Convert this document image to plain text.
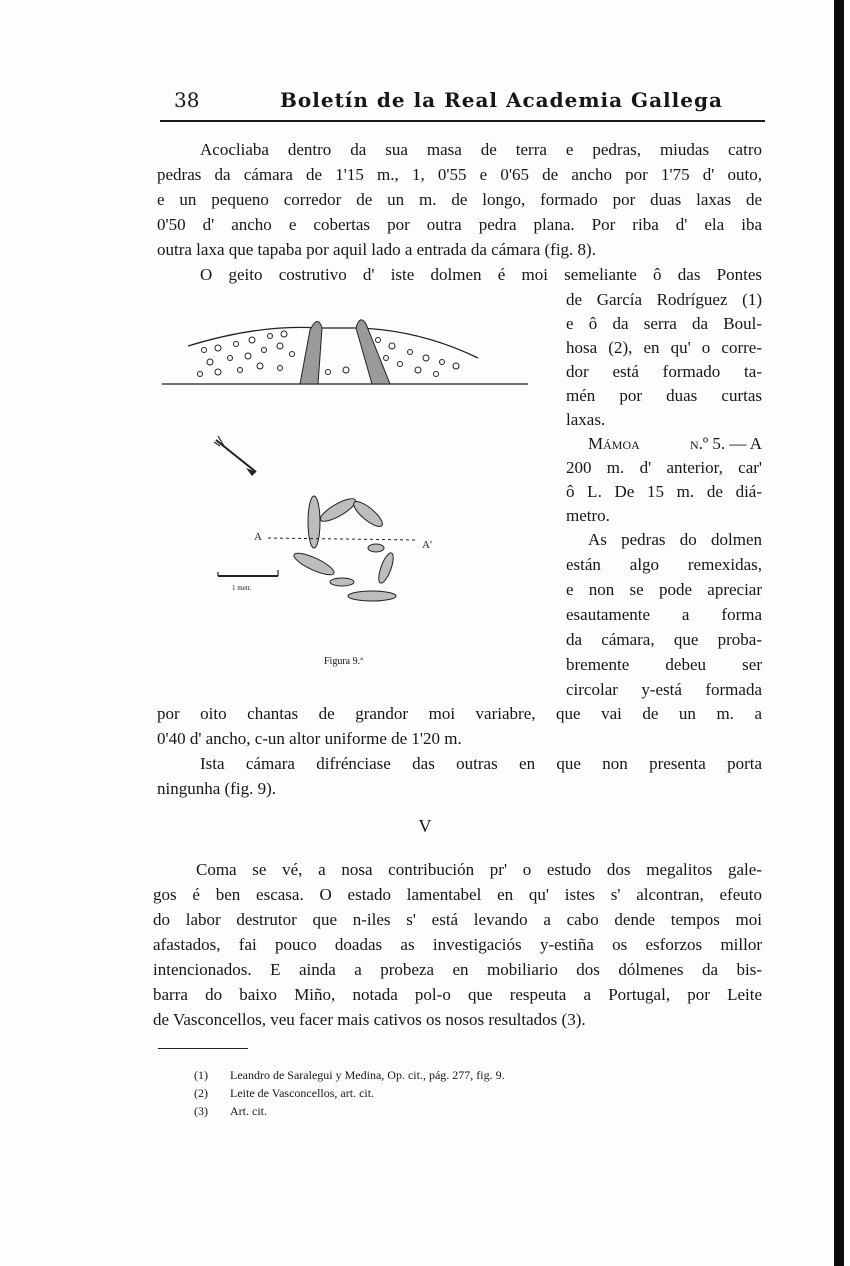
38	Boletín de la Real Academia Gallega
Acocliaba dentro da sua masa de terra e pedras, miudas catro
pedras da cámara de 1'15 m., 1, 0'55 e 0'65 de ancho por 1'75 d' outo,
e un pequeno corredor de un m. de longo, formado por duas laxas de
0'50 d' ancho e cobertas por outra pedra plana. Por riba d' ela iba
outra laxa que tapaba por aquil lado a entrada da cámara (fig. 8).
O geito costrutivo d' iste dolmen é moi semeliante ô das Pontes
de García Rodríguez (1)
e ô da serra da Boul-
hosa (2), en qu' o corre-
dor está formado ta-
mén por duas curtas
laxas.
Mámoa	n.º 5. — A
200 m. d' anterior, car'
ô L. De 15 m. de diá-
metro.
As pedras do dolmen
están algo remexidas,
e non se pode apreciar
esautamente a forma
da cámara, que proba-
bremente debeu ser
circolar y-está formada
A
A'
1 metr.
Figura 9.ª
por oito chantas de grandor moi variabre, que vai de un m. a
0'40 d' ancho, c-un altor uniforme de 1'20 m.
Ista cámara difrénciase das outras en que non presenta porta
ningunha (fig. 9).
V
Coma se vé, a nosa contribución pr' o estudo dos megalitos gale-
gos é ben escasa. O estado lamentabel en qu' istes s' alcontran, efeuto
do labor destrutor que n-iles s' está levando a cabo dende tempos moi
afastados, fai pouco doadas as investigaciós y-estiña os esforzos millor
intencionados. E ainda a probeza en mobiliario dos dólmenes da bis-
barra do baixo Miño, notada pol-o que respeuta a Portugal, por Leite
de Vasconcellos, veu facer mais cativos os nosos resultados (3).
(1) Leandro de Saralegui y Medina, Op. cit., pág. 277, fig. 9.
(2) Leite de Vasconcellos, art. cit.
(3) Art. cit.
